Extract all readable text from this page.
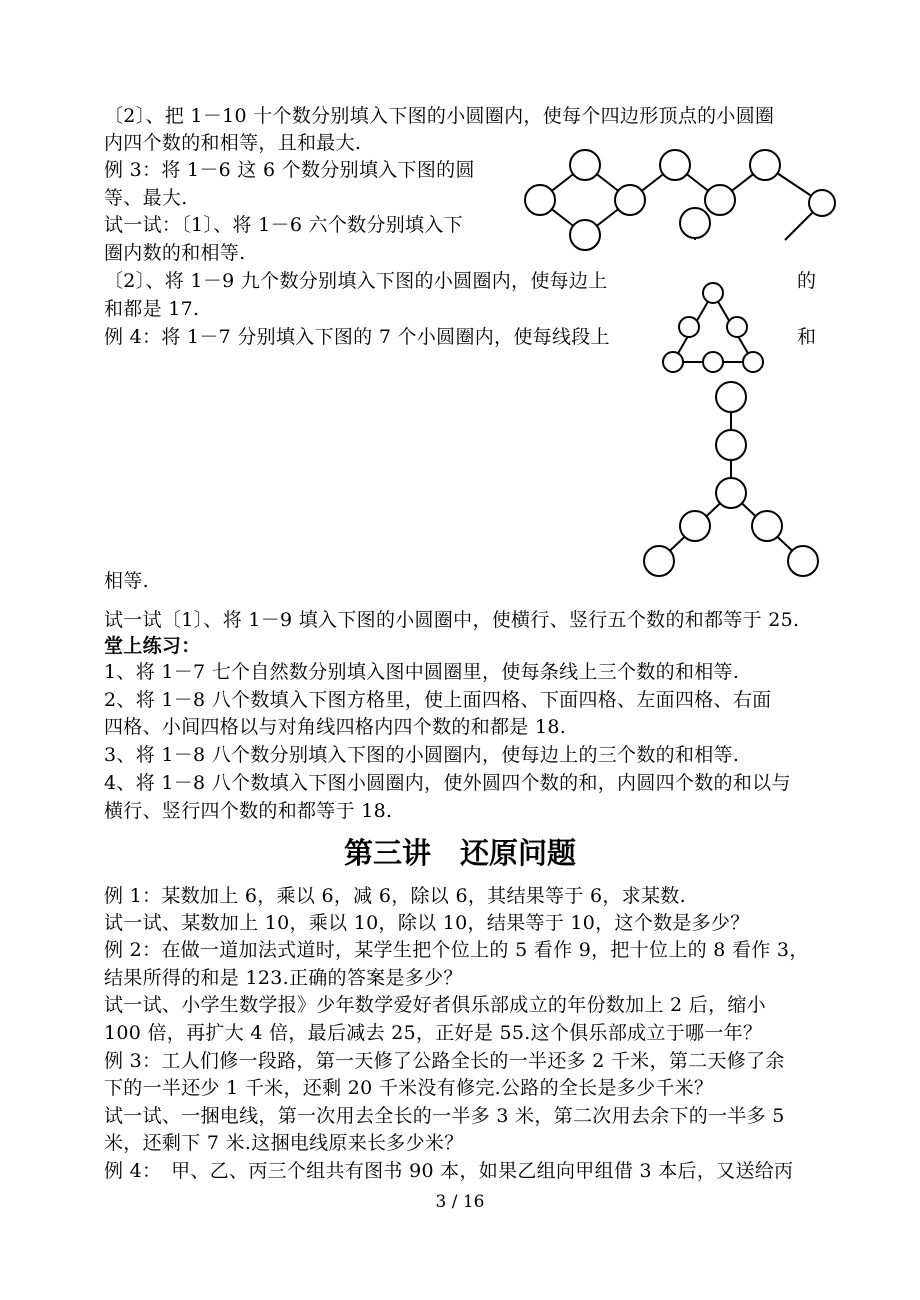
〔2〕、把 1－10 十个数分别填入下图的小圆圈内，使每个四边形顶点的小圆圈
内四个数的和相等，且和最大.
例 3：将 1－6 这 6 个数分别填入下图的圆
等、最大.
试一试：〔1〕、将 1－6 六个数分别填入下
圈内数的和相等.
〔2〕、将 1－9 九个数分别填入下图的小圆圈内，使每边上
和都是 17.
例 4：将 1－7 分别填入下图的 7 个小圆圈内，使每线段上
的
和
相等.
试一试〔1〕、将 1－9 填入下图的小圆圈中，使横行、竖行五个数的和都等于 25.
堂上练习：
1、将 1－7 七个自然数分别填入图中圆圈里，使每条线上三个数的和相等.
2、将 1－8 八个数填入下图方格里，使上面四格、下面四格、左面四格、右面
四格、小间四格以与对角线四格内四个数的和都是 18.
3、将 1－8 八个数分别填入下图的小圆圈内，使每边上的三个数的和相等.
4、将 1－8 八个数填入下图小圆圈内，使外圆四个数的和，内圆四个数的和以与
横行、竖行四个数的和都等于 18.
第三讲　还原问题
例 1：某数加上 6，乘以 6，减 6，除以 6，其结果等于 6，求某数.
试一试、某数加上 10，乘以 10，除以 10，结果等于 10，这个数是多少？
例 2：在做一道加法式道时，某学生把个位上的 5 看作 9，把十位上的 8 看作 3，
结果所得的和是 123.正确的答案是多少？
试一试、小学生数学报》少年数学爱好者俱乐部成立的年份数加上 2 后，缩小
100 倍，再扩大 4 倍，最后减去 25，正好是 55.这个俱乐部成立于哪一年？
例 3：工人们修一段路，第一天修了公路全长的一半还多 2 千米，第二天修了余
下的一半还少 1 千米，还剩 20 千米没有修完.公路的全长是多少千米？
试一试、一捆电线，第一次用去全长的一半多 3 米，第二次用去余下的一半多 5
米，还剩下 7 米.这捆电线原来长多少米？
例 4：　甲、乙、丙三个组共有图书 90 本，如果乙组向甲组借 3 本后，又送给丙
3 / 16
